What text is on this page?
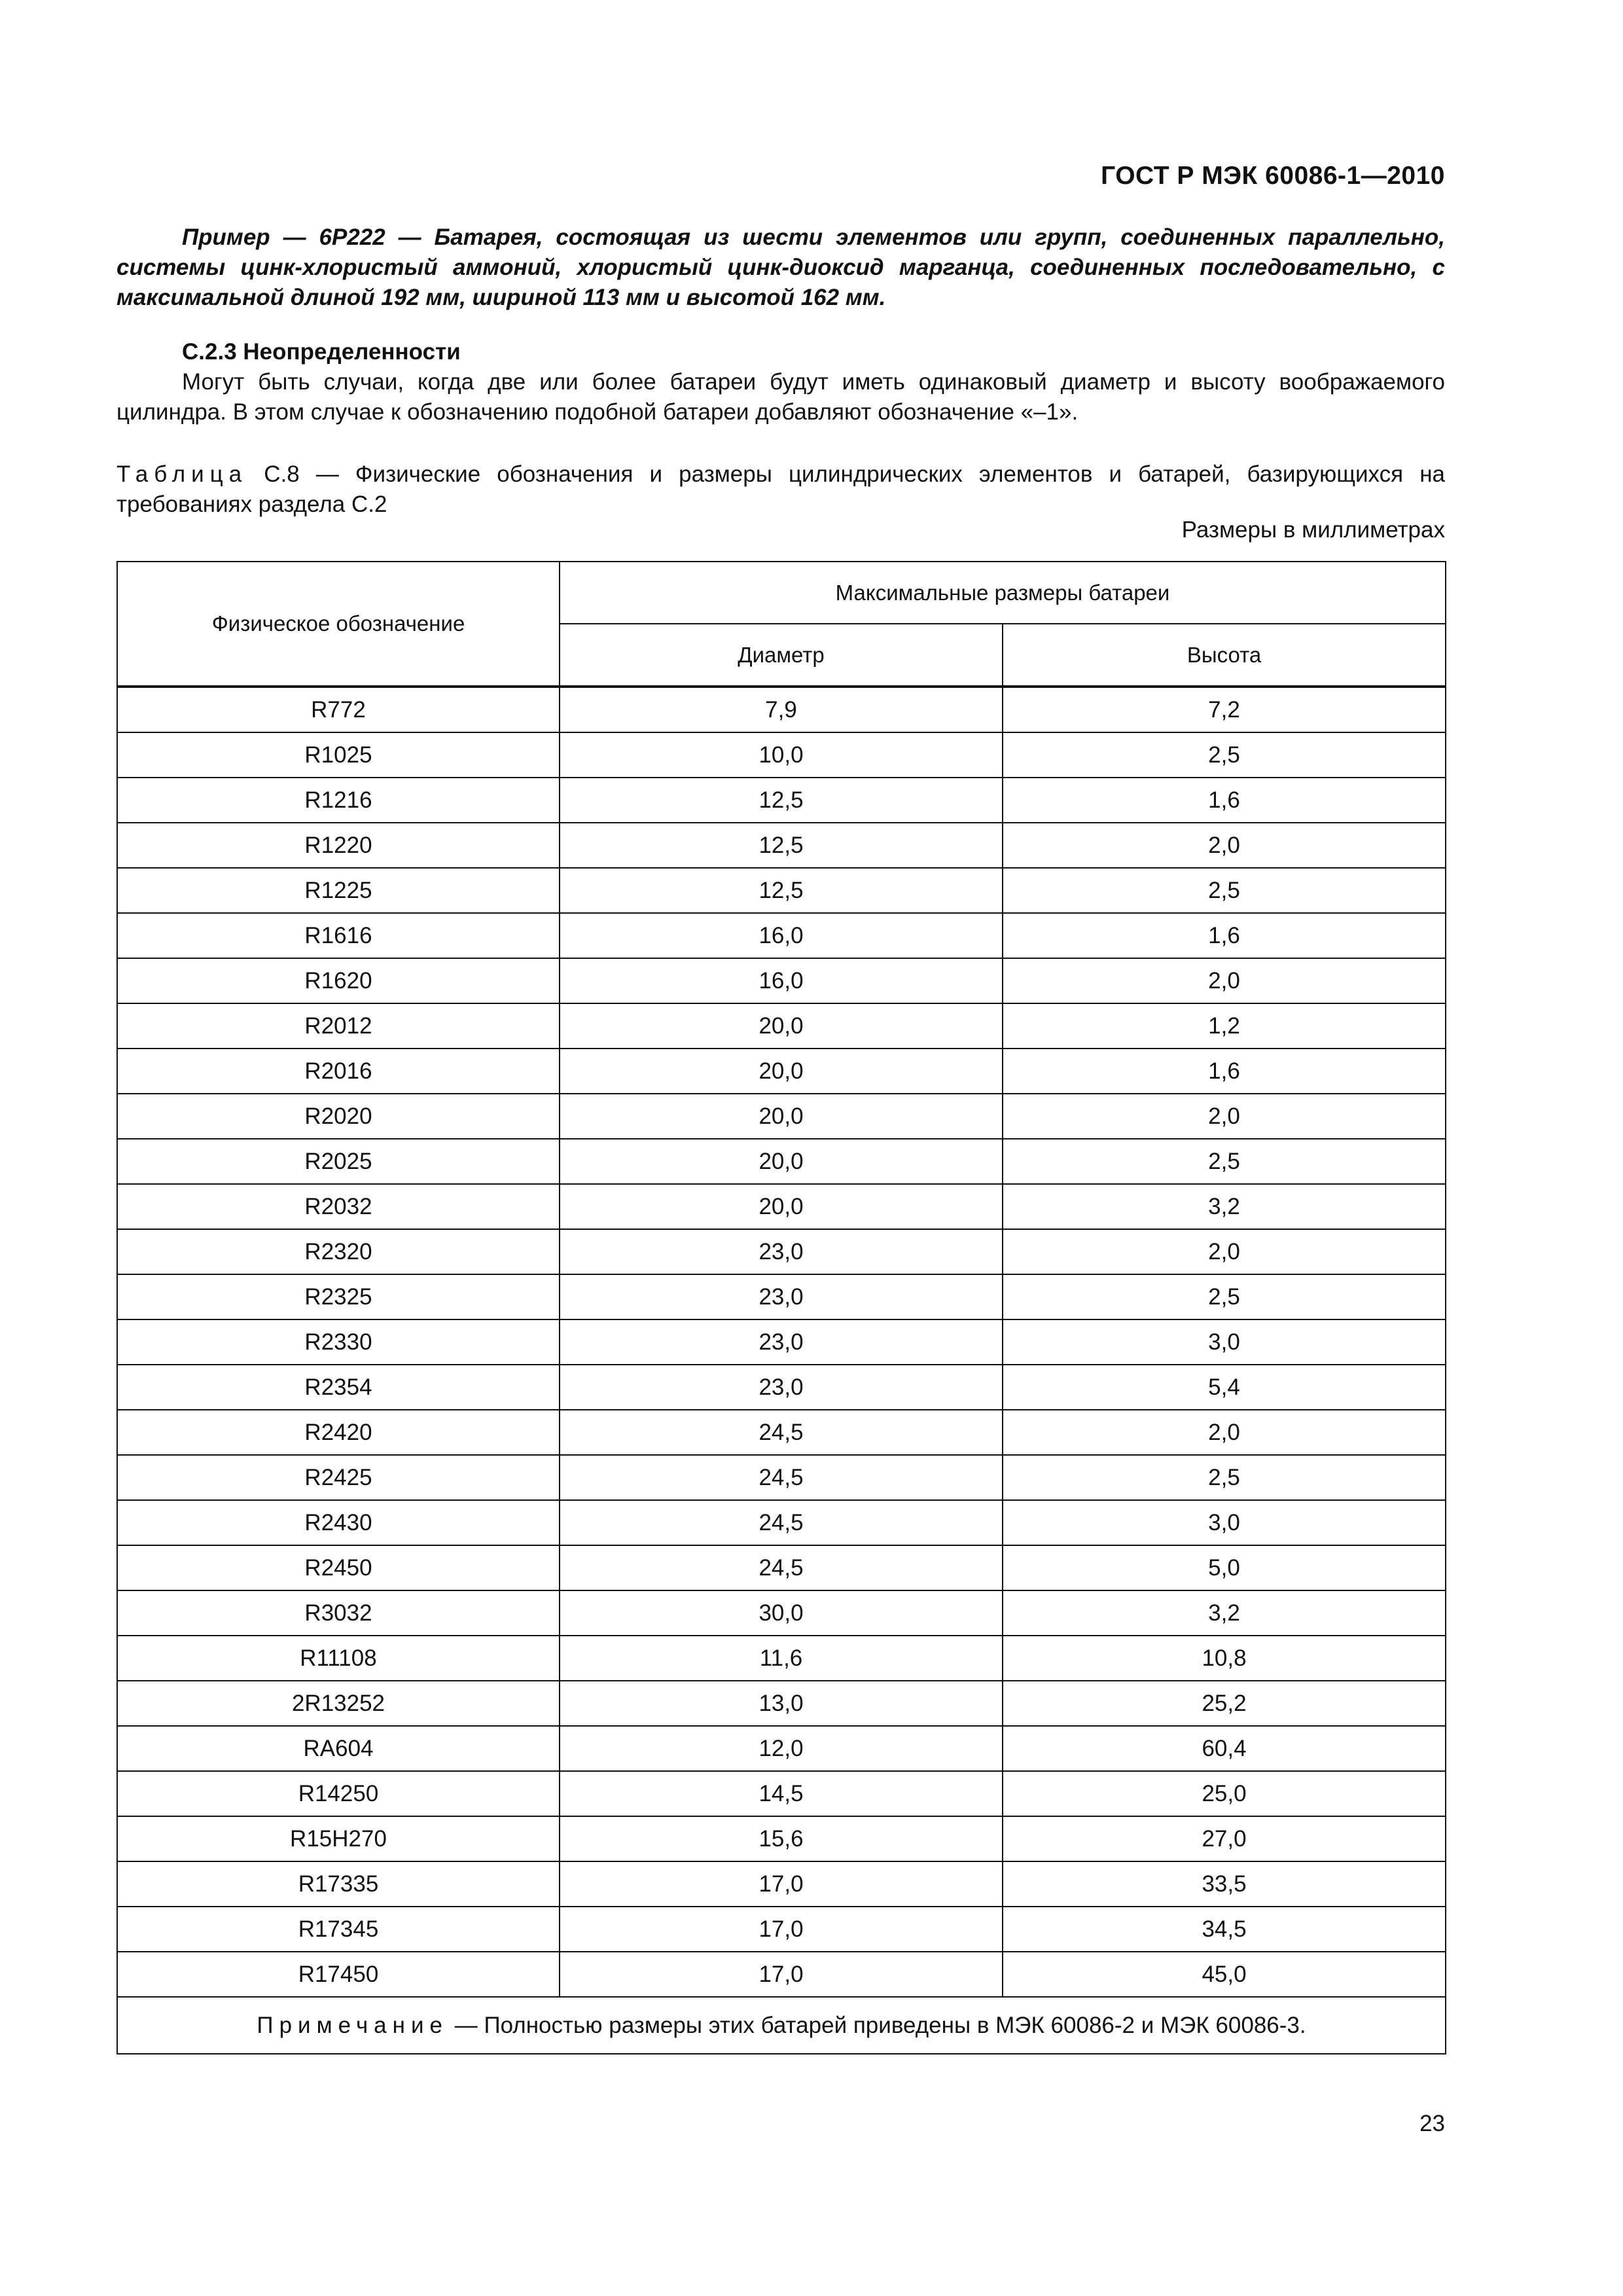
ГОСТ Р МЭК 60086-1—2010
Пример — 6P222 — Батарея, состоящая из шести элементов или групп, соединенных параллельно, системы цинк-хлористый аммоний, хлористый цинк-диоксид марганца, соединенных последовательно, с максимальной длиной 192 мм, шириной 113 мм и высотой 162 мм.
C.2.3 Неопределенности
Могут быть случаи, когда две или более батареи будут иметь одинаковый диаметр и высоту воображаемого цилиндра. В этом случае к обозначению подобной батареи добавляют обозначение «–1».
Таблица C.8 — Физические обозначения и размеры цилиндрических элементов и батарей, базирующихся на требованиях раздела C.2
Размеры в миллиметрах
Физическое обозначение	Максимальные размеры батареи	
	Диаметр	Высота
R772	7,9	7,2
R1025	10,0	2,5
R1216	12,5	1,6
R1220	12,5	2,0
R1225	12,5	2,5
R1616	16,0	1,6
R1620	16,0	2,0
R2012	20,0	1,2
R2016	20,0	1,6
R2020	20,0	2,0
R2025	20,0	2,5
R2032	20,0	3,2
R2320	23,0	2,0
R2325	23,0	2,5
R2330	23,0	3,0
R2354	23,0	5,4
R2420	24,5	2,0
R2425	24,5	2,5
R2430	24,5	3,0
R2450	24,5	5,0
R3032	30,0	3,2
R11108	11,6	10,8
2R13252	13,0	25,2
RA604	12,0	60,4
R14250	14,5	25,0
R15H270	15,6	27,0
R17335	17,0	33,5
R17345	17,0	34,5
R17450	17,0	45,0
Примечание — Полностью размеры этих батарей приведены в МЭК 60086-2 и МЭК 60086-3.		
23
